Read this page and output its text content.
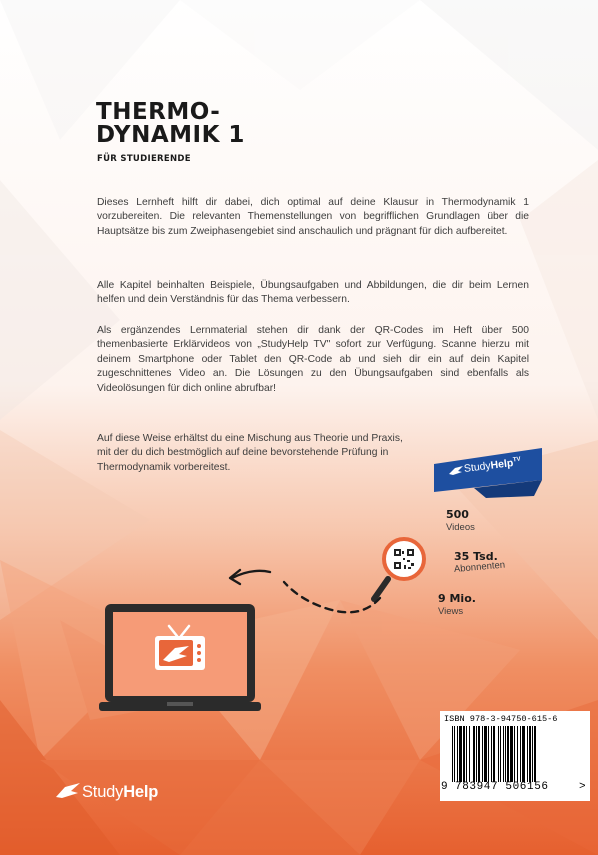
THERMO-
DYNAMIK 1
FÜR STUDIERENDE

Dieses Lernheft hilft dir dabei, dich optimal auf deine Klausur in Thermodynamik 1 vorzubereiten. Die relevanten Themenstellungen von begrifflichen Grundlagen über die Hauptsätze bis zum Zweiphasengebiet sind anschaulich und prägnant für dich aufbereitet.

Alle Kapitel beinhalten Beispiele, Übungsaufgaben und Abbildungen, die dir beim Lernen helfen und dein Verständnis für das Thema verbessern.

Als ergänzendes Lernmaterial stehen dir dank der QR-Codes im Heft über 500 themenbasierte Erklärvideos von „StudyHelp TV" sofort zur Verfügung. Scanne hierzu mit deinem Smartphone oder Tablet den QR-Code ab und sieh dir ein auf dein Kapitel zugeschnittenes Video an. Die Lösungen zu den Übungsaufgaben sind ebenfalls als Videolösungen für dich online abrufbar!

Auf diese Weise erhältst du eine Mischung aus Theorie und Praxis, mit der du dich bestmöglich auf deine bevorstehende Prüfung in Thermodynamik vorbereitest.	StudyHelp$^{TV}$
500
Videos
35 Tsd.
Abonnenten
9 Mio.
Views
ISBN 978-3-94750-615-6
9 783947 506156	>
StudyHelp
